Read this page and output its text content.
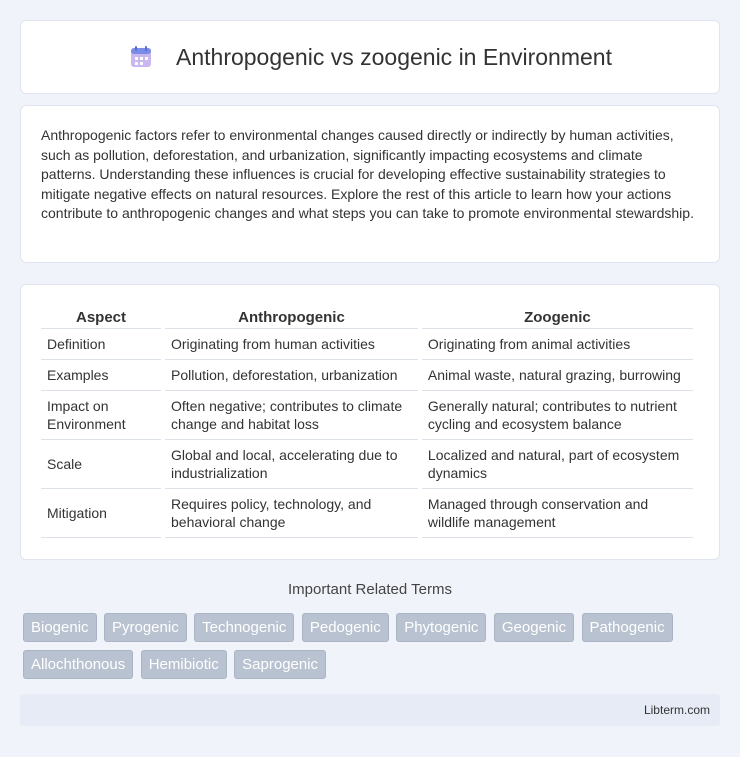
Anthropogenic vs zoogenic in Environment

Anthropogenic factors refer to environmental changes caused directly or indirectly by human activities, such as pollution, deforestation, and urbanization, significantly impacting ecosystems and climate patterns. Understanding these influences is crucial for developing effective sustainability strategies to mitigate negative effects on natural resources. Explore the rest of this article to learn how your actions contribute to anthropogenic changes and what steps you can take to promote environmental stewardship.

Aspect	Anthropogenic	Zoogenic
Definition	Originating from human activities	Originating from animal activities
Examples	Pollution, deforestation, urbanization	Animal waste, natural grazing, burrowing
Impact on Environment	Often negative; contributes to climate change and habitat loss	Generally natural; contributes to nutrient cycling and ecosystem balance
Scale	Global and local, accelerating due to industrialization	Localized and natural, part of ecosystem dynamics
Mitigation	Requires policy, technology, and behavioral change	Managed through conservation and wildlife management
Important Related Terms
Biogenic Pyrogenic Technogenic Pedogenic Phytogenic Geogenic Pathogenic Allochthonous Hemibiotic Saprogenic
Libterm.com
